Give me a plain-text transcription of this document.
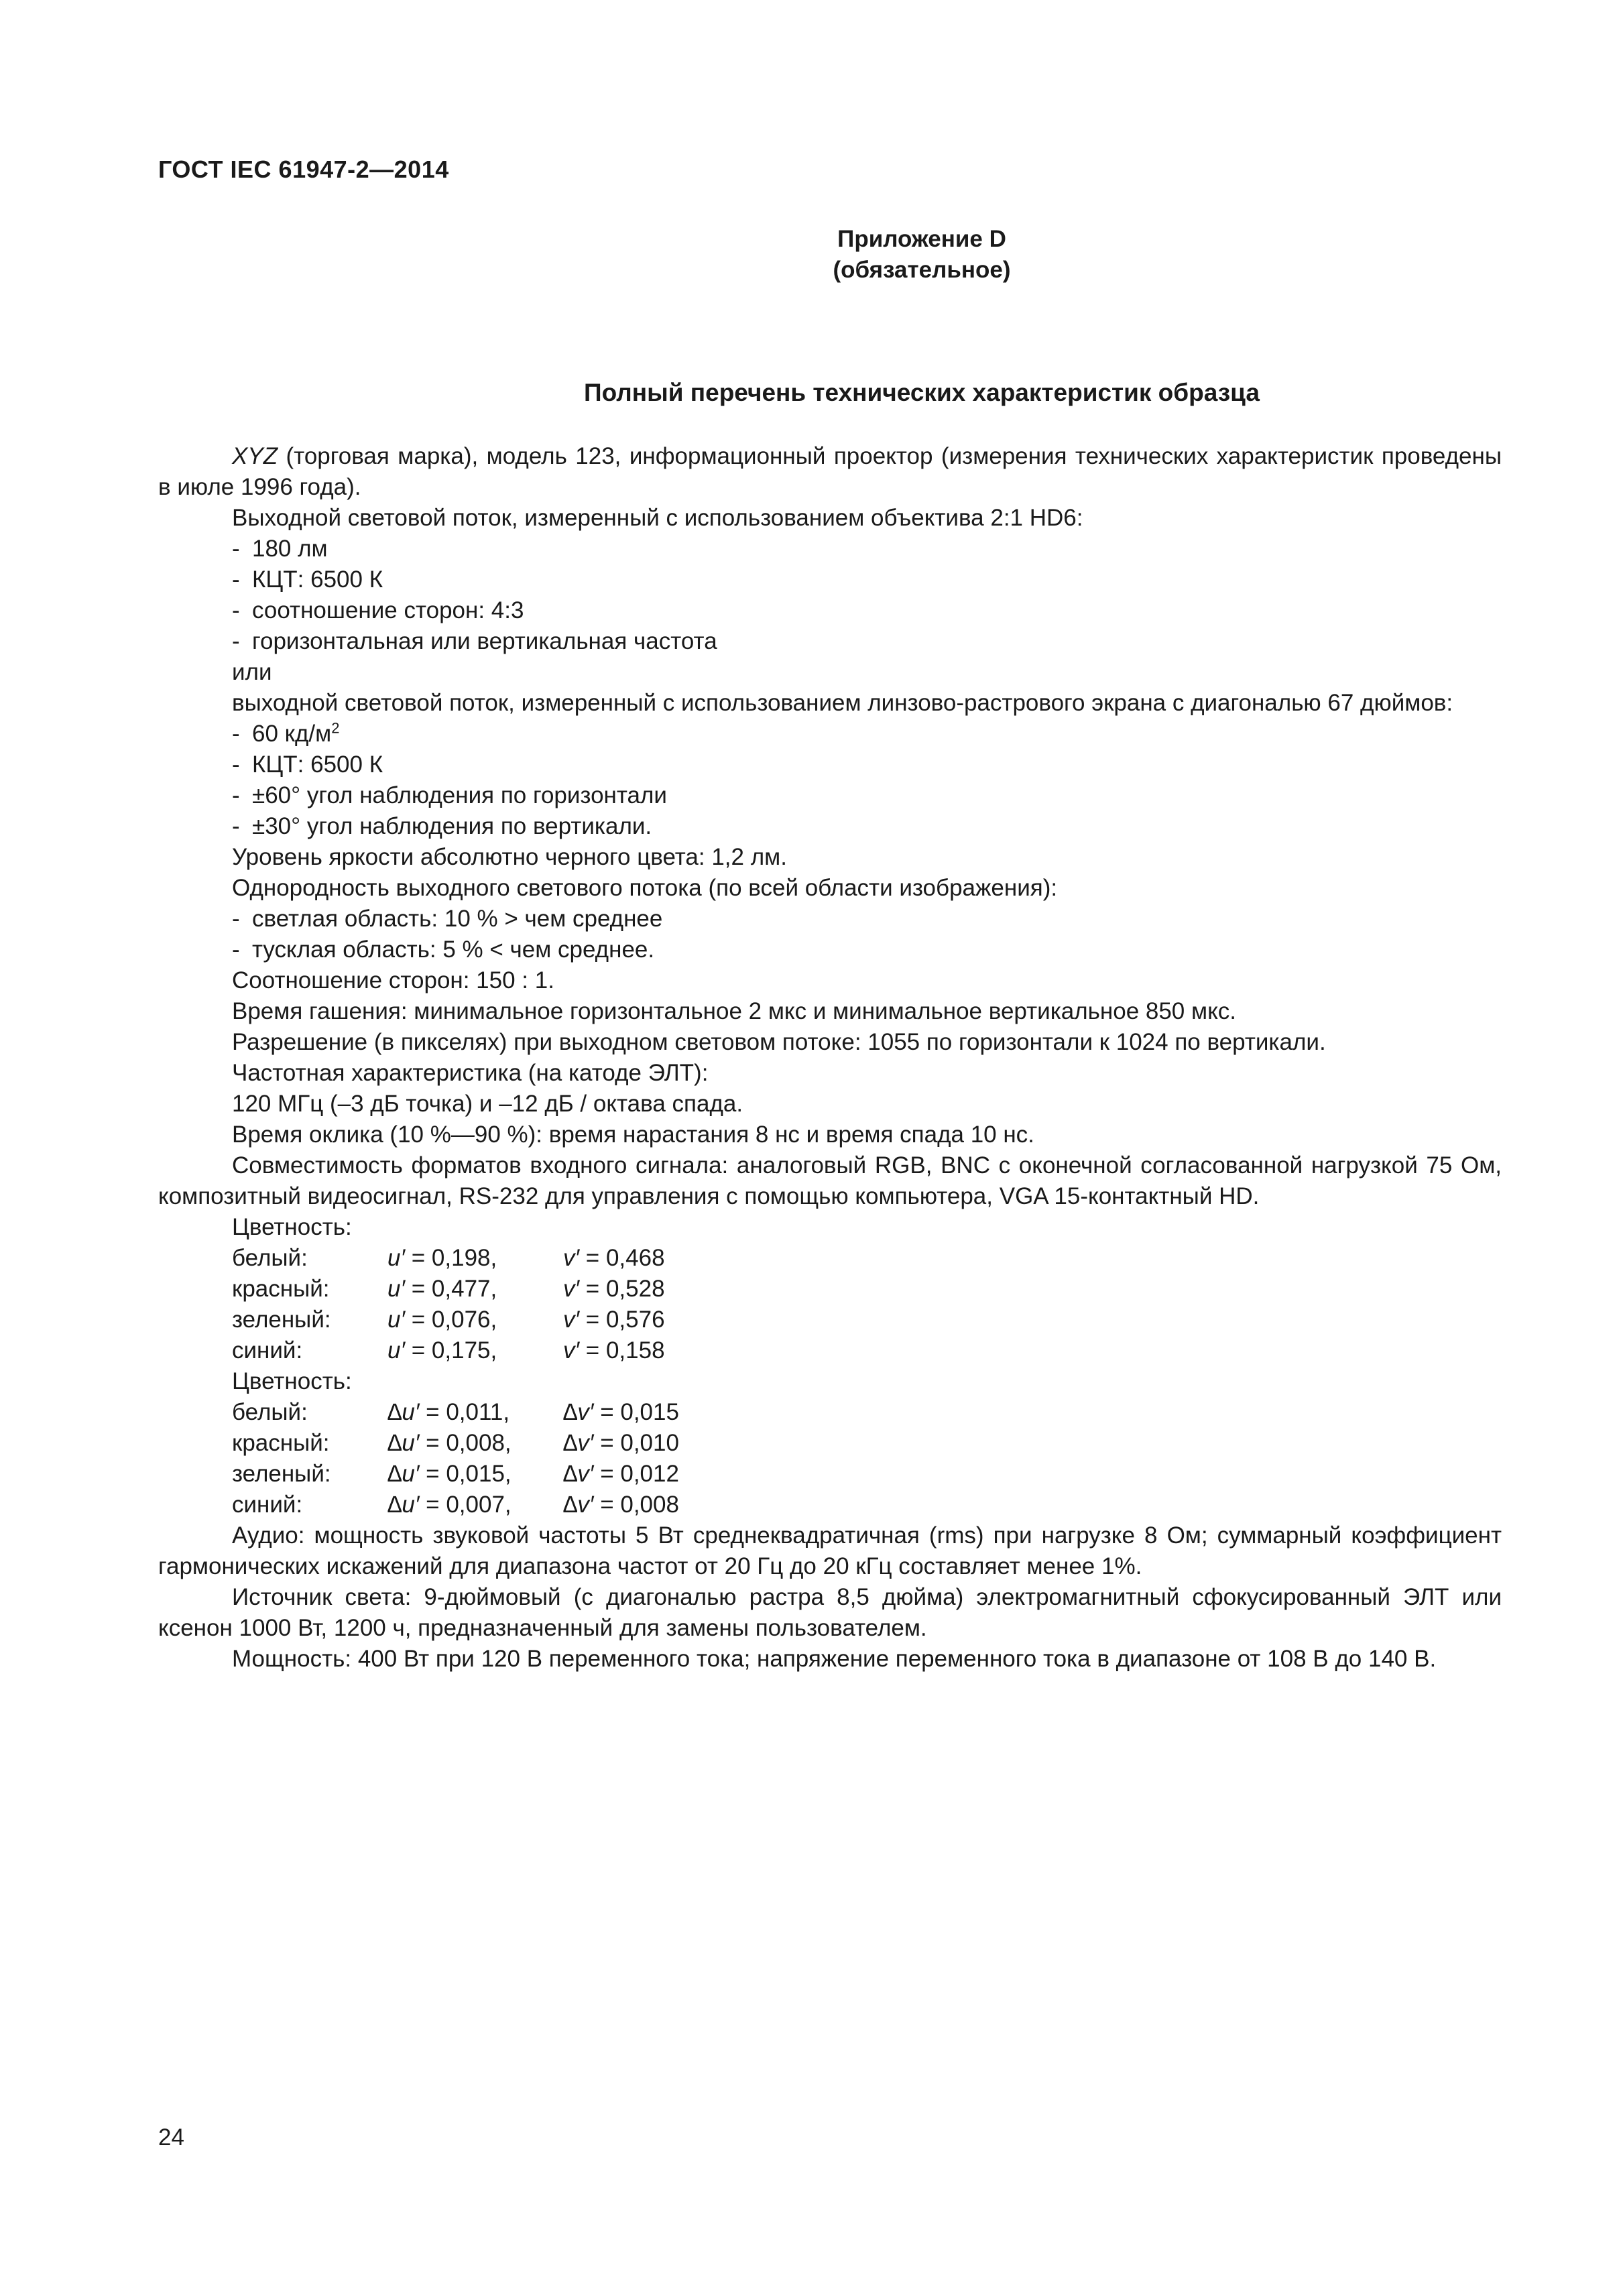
ГОСТ IEC 61947-2—2014
Приложение D
(обязательное)
Полный перечень технических характеристик образца

XYZ (торговая марка), модель 123, информационный проектор (измерения технических характеристик проведены в июле 1996 года).

Выходной световой поток, измеренный с использованием объектива 2:1 HD6:

- 180 лм

- КЦТ: 6500 К

- соотношение сторон: 4:3

- горизонтальная или вертикальная частота

или

выходной световой поток, измеренный с использованием линзово-растрового экрана с диагональю 67 дюймов:

- 60 $кд/м^2$

- КЦТ: 6500 К

- ±60° угол наблюдения по горизонтали

- ±30° угол наблюдения по вертикали.

Уровень яркости абсолютно черного цвета: 1,2 лм.

Однородность выходного светового потока (по всей области изображения):

- светлая область: 10 % > чем среднее

- тусклая область: 5 % < чем среднее.

Соотношение сторон: 150 : 1.

Время гашения: минимальное горизонтальное 2 мкс и минимальное вертикальное 850 мкс.

Разрешение (в пикселях) при выходном световом потоке: 1055 по горизонтали к 1024 по вертикали.

Частотная характеристика (на катоде ЭЛТ):

120 МГц (–3 дБ точка) и –12 дБ / октава спада.

Время оклика (10 %—90 %): время нарастания 8 нс и время спада 10 нс.

Совместимость форматов входного сигнала: аналоговый RGB, BNC с оконечной согласованной нагрузкой 75 Ом, композитный видеосигнал, RS-232 для управления с помощью компьютера, VGA 15-контактный HD.

Цветность:

белый:	u′ = 0,198,	v′ = 0,468

красный:	u′ = 0,477,	v′ = 0,528

зеленый:	u′ = 0,076,	v′ = 0,576

синий:	u′ = 0,175,	v′ = 0,158

Цветность:

белый:	∆u′ = 0,011,	∆v′ = 0,015

красный:	∆u′ = 0,008,	∆v′ = 0,010

зеленый:	∆u′ = 0,015,	∆v′ = 0,012

синий:	∆u′ = 0,007,	∆v′ = 0,008

Аудио: мощность звуковой частоты 5 Вт среднеквадратичная (rms) при нагрузке 8 Ом; суммарный коэффициент гармонических искажений для диапазона частот от 20 Гц до 20 кГц составляет менее 1%.

Источник света: 9-дюймовый (с диагональю растра 8,5 дюйма) электромагнитный сфокусированный ЭЛТ или ксенон 1000 Вт, 1200 ч, предназначенный для замены пользователем.

Мощность: 400 Вт при 120 В переменного тока; напряжение переменного тока в диапазоне от 108 В до 140 В.

24
